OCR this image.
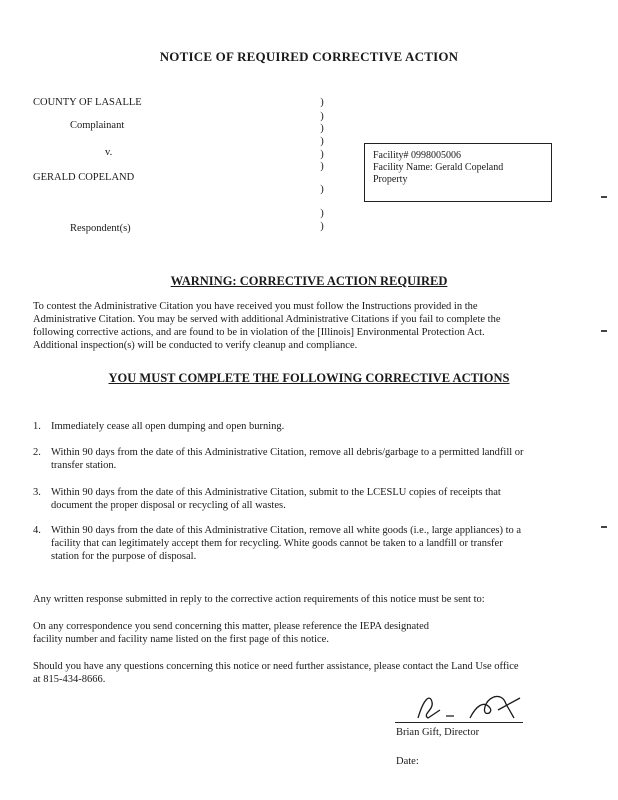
NOTICE OF REQUIRED CORRECTIVE ACTION
COUNTY OF LASALLE
Complainant
v.
GERALD COPELAND
Respondent(s)
)
)
)
)
)
)
)
)
)
Facility# 0998005006
Facility Name: Gerald Copeland
Property
WARNING: CORRECTIVE ACTION REQUIRED
To contest the Administrative Citation you have received you must follow the Instructions provided in the
Administrative Citation. You may be served with additional Administrative Citations if you fail to complete the
following corrective actions, and are found to be in violation of the [Illinois] Environmental Protection Act.
Additional inspection(s) will be conducted to verify cleanup and compliance.
YOU MUST COMPLETE THE FOLLOWING CORRECTIVE ACTIONS
1. Immediately cease all open dumping and open burning.
2. Within 90 days from the date of this Administrative Citation, remove all debris/garbage to a permitted landfill or
transfer station.
3. Within 90 days from the date of this Administrative Citation, submit to the LCESLU copies of receipts that
document the proper disposal or recycling of all wastes.
4. Within 90 days from the date of this Administrative Citation, remove all white goods (i.e., large appliances) to a
facility that can legitimately accept them for recycling. White goods cannot be taken to a landfill or transfer
station for the purpose of disposal.
Any written response submitted in reply to the corrective action requirements of this notice must be sent to:
On any correspondence you send concerning this matter, please reference the IEPA designated
facility number and facility name listed on the first page of this notice.
Should you have any questions concerning this notice or need further assistance, please contact the Land Use office
at 815-434-8666.
Brian Gift, Director
Date:
